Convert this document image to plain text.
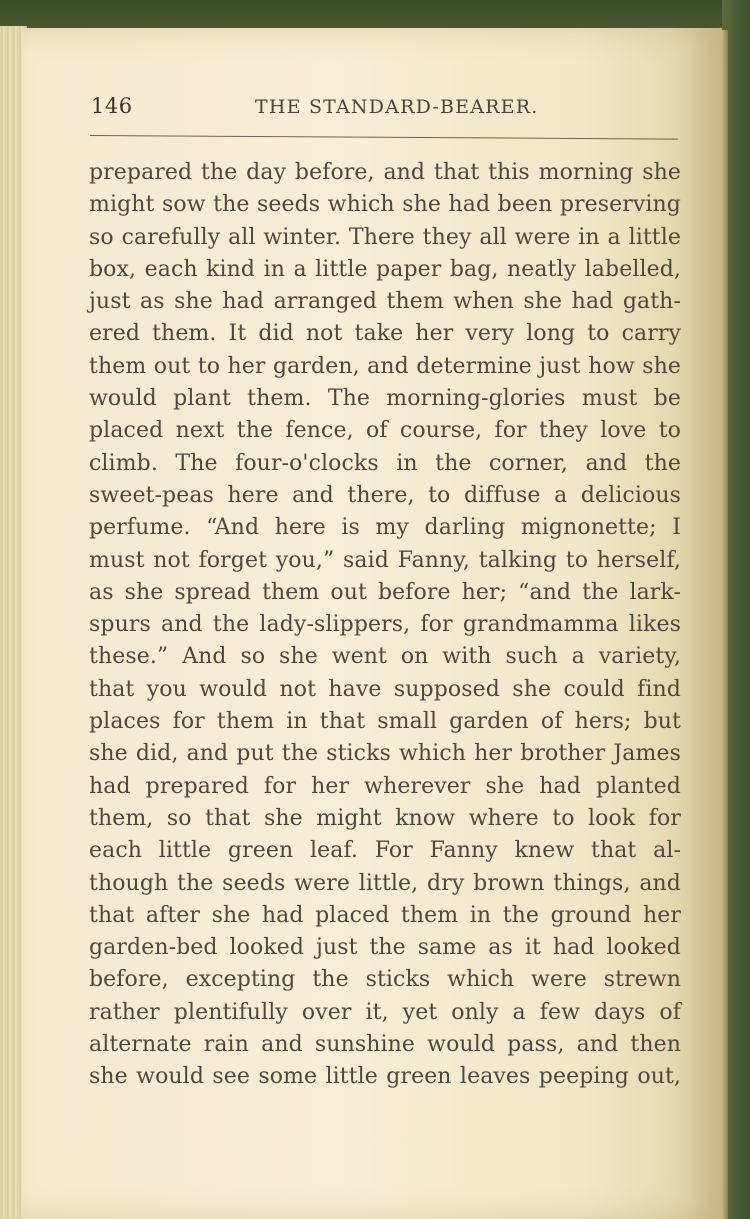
146	THE STANDARD-BEARER.
prepared the day before, and that this morning she
might sow the seeds which she had been preserving
so carefully all winter. There they all were in a little
box, each kind in a little paper bag, neatly labelled,
just as she had arranged them when she had gath-
ered them. It did not take her very long to carry
them out to her garden, and determine just how she
would plant them. The morning-glories must be
placed next the fence, of course, for they love to
climb. The four-o'clocks in the corner, and the
sweet-peas here and there, to diffuse a delicious
perfume. “And here is my darling mignonette; I
must not forget you,” said Fanny, talking to herself,
as she spread them out before her; “and the lark-
spurs and the lady-slippers, for grandmamma likes
these.” And so she went on with such a variety,
that you would not have supposed she could find
places for them in that small garden of hers; but
she did, and put the sticks which her brother James
had prepared for her wherever she had planted
them, so that she might know where to look for
each little green leaf. For Fanny knew that al-
though the seeds were little, dry brown things, and
that after she had placed them in the ground her
garden-bed looked just the same as it had looked
before, excepting the sticks which were strewn
rather plentifully over it, yet only a few days of
alternate rain and sunshine would pass, and then
she would see some little green leaves peeping out,
